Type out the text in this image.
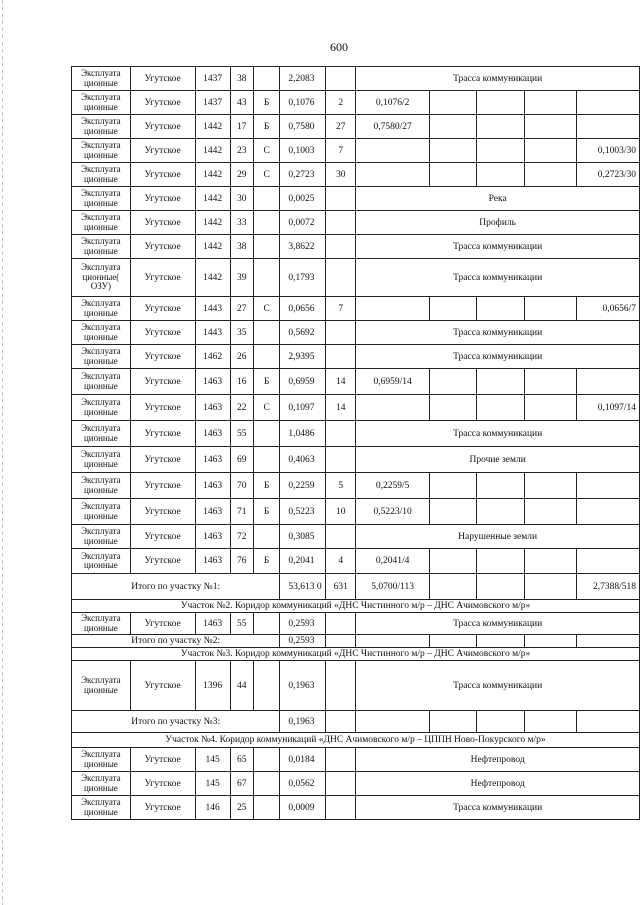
600
Эксплуата ционные	Угутское	1437	38		2,2083		Трасса коммуникации				
Эксплуата ционные	Угутское	1437	43	Б	0,1076	2	0,1076/2				
Эксплуата ционные	Угутское	1442	17	Б	0,7580	27	0,7580/27				
Эксплуата ционные	Угутское	1442	23	С	0,1003	7					0,1003/30
Эксплуата ционные	Угутское	1442	29	С	0,2723	30					0,2723/30
Эксплуата ционные	Угутское	1442	30		0,0025		Река				
Эксплуата ционные	Угутское	1442	33		0,0072		Профиль				
Эксплуата ционные	Угутское	1442	38		3,8622		Трасса коммуникации				
Эксплуата ционные( ОЗУ)	Угутское	1442	39		0,1793		Трасса коммуникации				
Эксплуата ционные	Угутское	1443	27	С	0,0656	7					0,0656/7
Эксплуата ционные	Угутское	1443	35		0,5692		Трасса коммуникации				
Эксплуата ционные	Угутское	1462	26		2,9395		Трасса коммуникации				
Эксплуата ционные	Угутское	1463	16	Б	0,6959	14	0,6959/14				
Эксплуата ционные	Угутское	1463	22	С	0,1097	14					0,1097/14
Эксплуата ционные	Угутское	1463	55		1,0486		Трасса коммуникации				
Эксплуата ционные	Угутское	1463	69		0,4063		Прочие земли				
Эксплуата ционные	Угутское	1463	70	Б	0,2259	5	0,2259/5				
Эксплуата ционные	Угутское	1463	71	Б	0,5223	10	0,5223/10				
Эксплуата ционные	Угутское	1463	72		0,3085		Нарушенные земли				
Эксплуата ционные	Угутское	1463	76	Б	0,2041	4	0,2041/4				
Итого по участку №1:					53,613 0	631	5,0700/113				2,7388/518
Участок №2. Коридор коммуникаций «ДНС Чистинного м/р – ДНС Ачимовского м/р»											
Эксплуата ционные	Угутское	1463	55		0,2593		Трасса коммуникации				
Итого по участку №2:					0,2593						
Участок №3. Коридор коммуникаций «ДНС Чистинного м/р – ДНС Ачимовского м/р»											
Эксплуата ционные	Угутское	1396	44		0,1963		Трасса коммуникации				
Итого по участку №3:					0,1963						
Участок №4. Коридор коммуникаций «ДНС Ачимовского м/р – ЦППН Ново-Покурского м/р»											
Эксплуата ционные	Угутское	145	65		0,0184		Нефтепровод				
Эксплуата ционные	Угутское	145	67		0,0562		Нефтепровод				
Эксплуата ционные	Угутское	146	25		0,0009		Трасса коммуникации				
